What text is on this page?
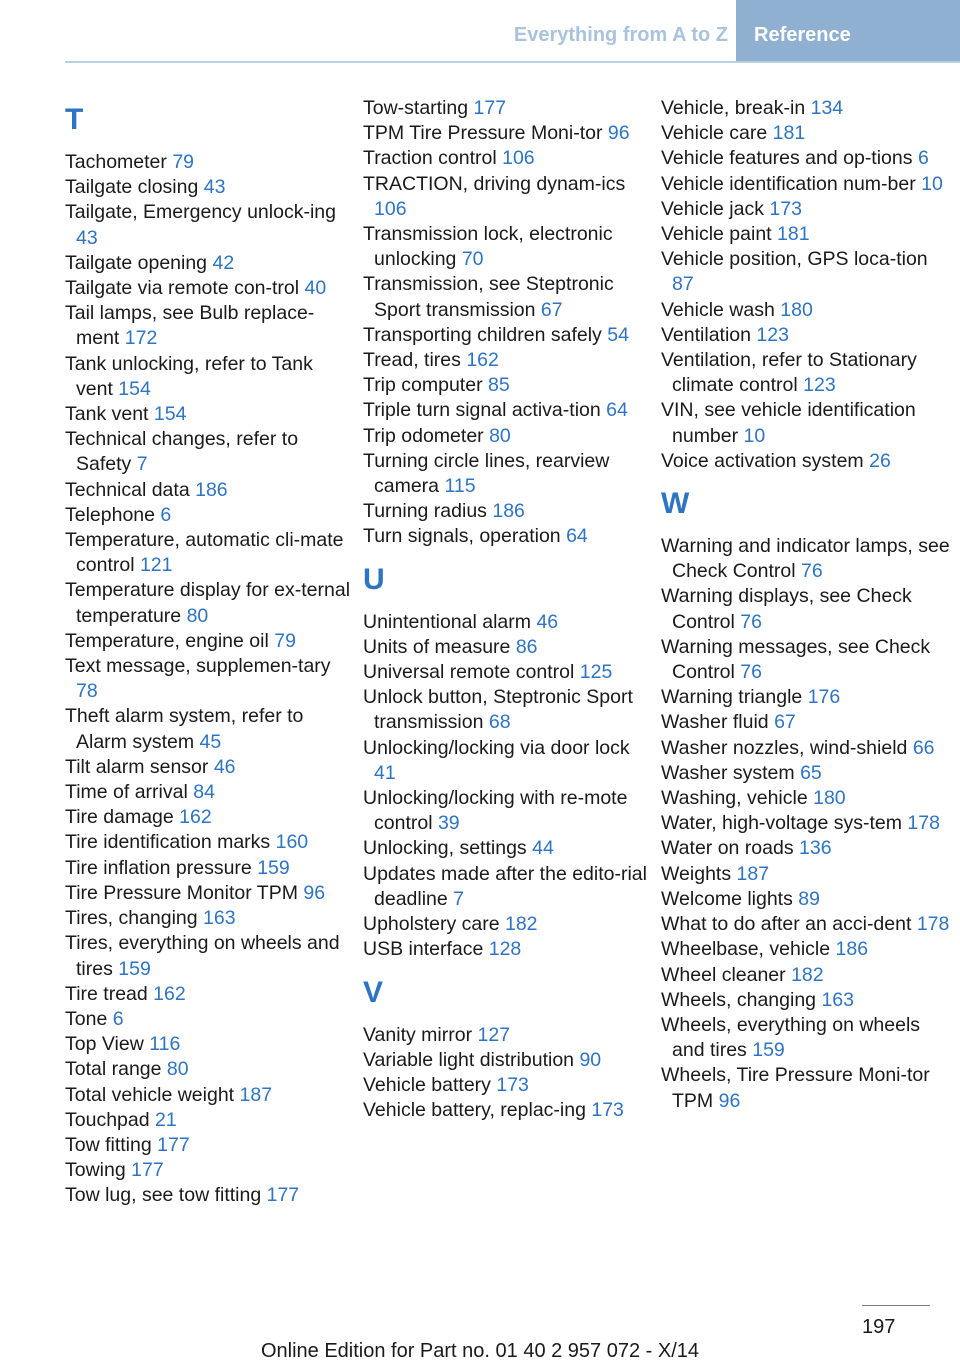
Everything from A to Z	Reference
T
Tachometer 79
Tailgate closing 43
Tailgate, Emergency unlock-ing 43
Tailgate opening 42
Tailgate via remote con-trol 40
Tail lamps, see Bulb replace-ment 172
Tank unlocking, refer to Tank vent 154
Tank vent 154
Technical changes, refer to Safety 7
Technical data 186
Telephone 6
Temperature, automatic cli-mate control 121
Temperature display for ex-ternal temperature 80
Temperature, engine oil 79
Text message, supplemen-tary 78
Theft alarm system, refer to Alarm system 45
Tilt alarm sensor 46
Time of arrival 84
Tire damage 162
Tire identification marks 160
Tire inflation pressure 159
Tire Pressure Monitor TPM 96
Tires, changing 163
Tires, everything on wheels and tires 159
Tire tread 162
Tone 6
Top View 116
Total range 80
Total vehicle weight 187
Touchpad 21
Tow fitting 177
Towing 177
Tow lug, see tow fitting 177
Tow-starting 177
TPM Tire Pressure Moni-tor 96
Traction control 106
TRACTION, driving dynam-ics 106
Transmission lock, electronic unlocking 70
Transmission, see Steptronic Sport transmission 67
Transporting children safely 54
Tread, tires 162
Trip computer 85
Triple turn signal activa-tion 64
Trip odometer 80
Turning circle lines, rearview camera 115
Turning radius 186
Turn signals, operation 64
U
Unintentional alarm 46
Units of measure 86
Universal remote control 125
Unlock button, Steptronic Sport transmission 68
Unlocking/locking via door lock 41
Unlocking/locking with re-mote control 39
Unlocking, settings 44
Updates made after the edito-rial deadline 7
Upholstery care 182
USB interface 128
V
Vanity mirror 127
Variable light distribution 90
Vehicle battery 173
Vehicle battery, replac-ing 173
Vehicle, break-in 134
Vehicle care 181
Vehicle features and op-tions 6
Vehicle identification num-ber 10
Vehicle jack 173
Vehicle paint 181
Vehicle position, GPS loca-tion 87
Vehicle wash 180
Ventilation 123
Ventilation, refer to Stationary climate control 123
VIN, see vehicle identification number 10
Voice activation system 26
W
Warning and indicator lamps, see Check Control 76
Warning displays, see Check Control 76
Warning messages, see Check Control 76
Warning triangle 176
Washer fluid 67
Washer nozzles, wind-shield 66
Washer system 65
Washing, vehicle 180
Water, high-voltage sys-tem 178
Water on roads 136
Weights 187
Welcome lights 89
What to do after an acci-dent 178
Wheelbase, vehicle 186
Wheel cleaner 182
Wheels, changing 163
Wheels, everything on wheels and tires 159
Wheels, Tire Pressure Moni-tor TPM 96
197
Online Edition for Part no. 01 40 2 957 072 - X/14
